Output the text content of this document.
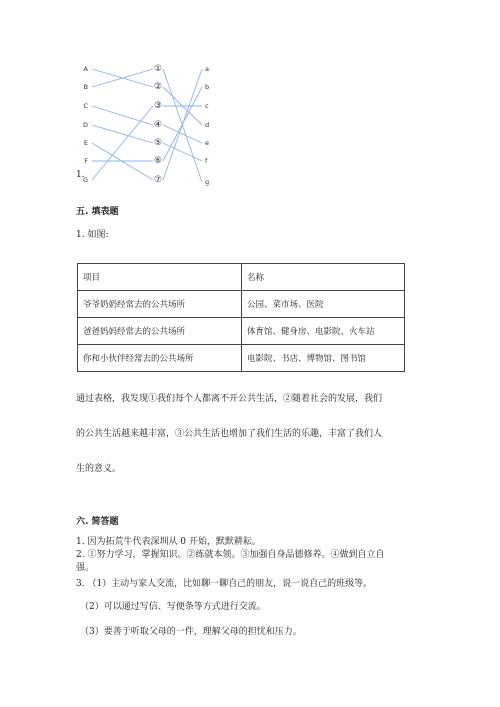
A
B
C
D
E
F
G
①
②
③
④
⑤
⑥
⑦
a
b
c
d
e
f
g
1.
五. 填表题
1. 如图:
项目	名称
爷爷奶奶经常去的公共场所	公园、菜市场、医院
爸爸妈妈经常去的公共场所	体育馆、健身房、电影院、火车站
你和小伙伴经常去的公共场所	电影院、书店、博物馆、图书馆
通过表格，我发现①我们每个人都离不开公共生活，②随着社会的发展，我们
的公共生活越来越丰富，③公共生活也增加了我们生活的乐趣，丰富了我们人
生的意义。
六. 简答题
1. 因为拓荒牛代表深圳从 0 开始，默默耕耘。
2. ①努力学习，掌握知识。②练就本领。③加强自身品德修养。④做到自立自
强。
3. （1）主动与家人交流，比如聊一聊自己的朋友，说一说自己的班级等。
（2）可以通过写信、写便条等方式进行交流。
（3）要善于听取父母的一件，理解父母的担忧和压力。
